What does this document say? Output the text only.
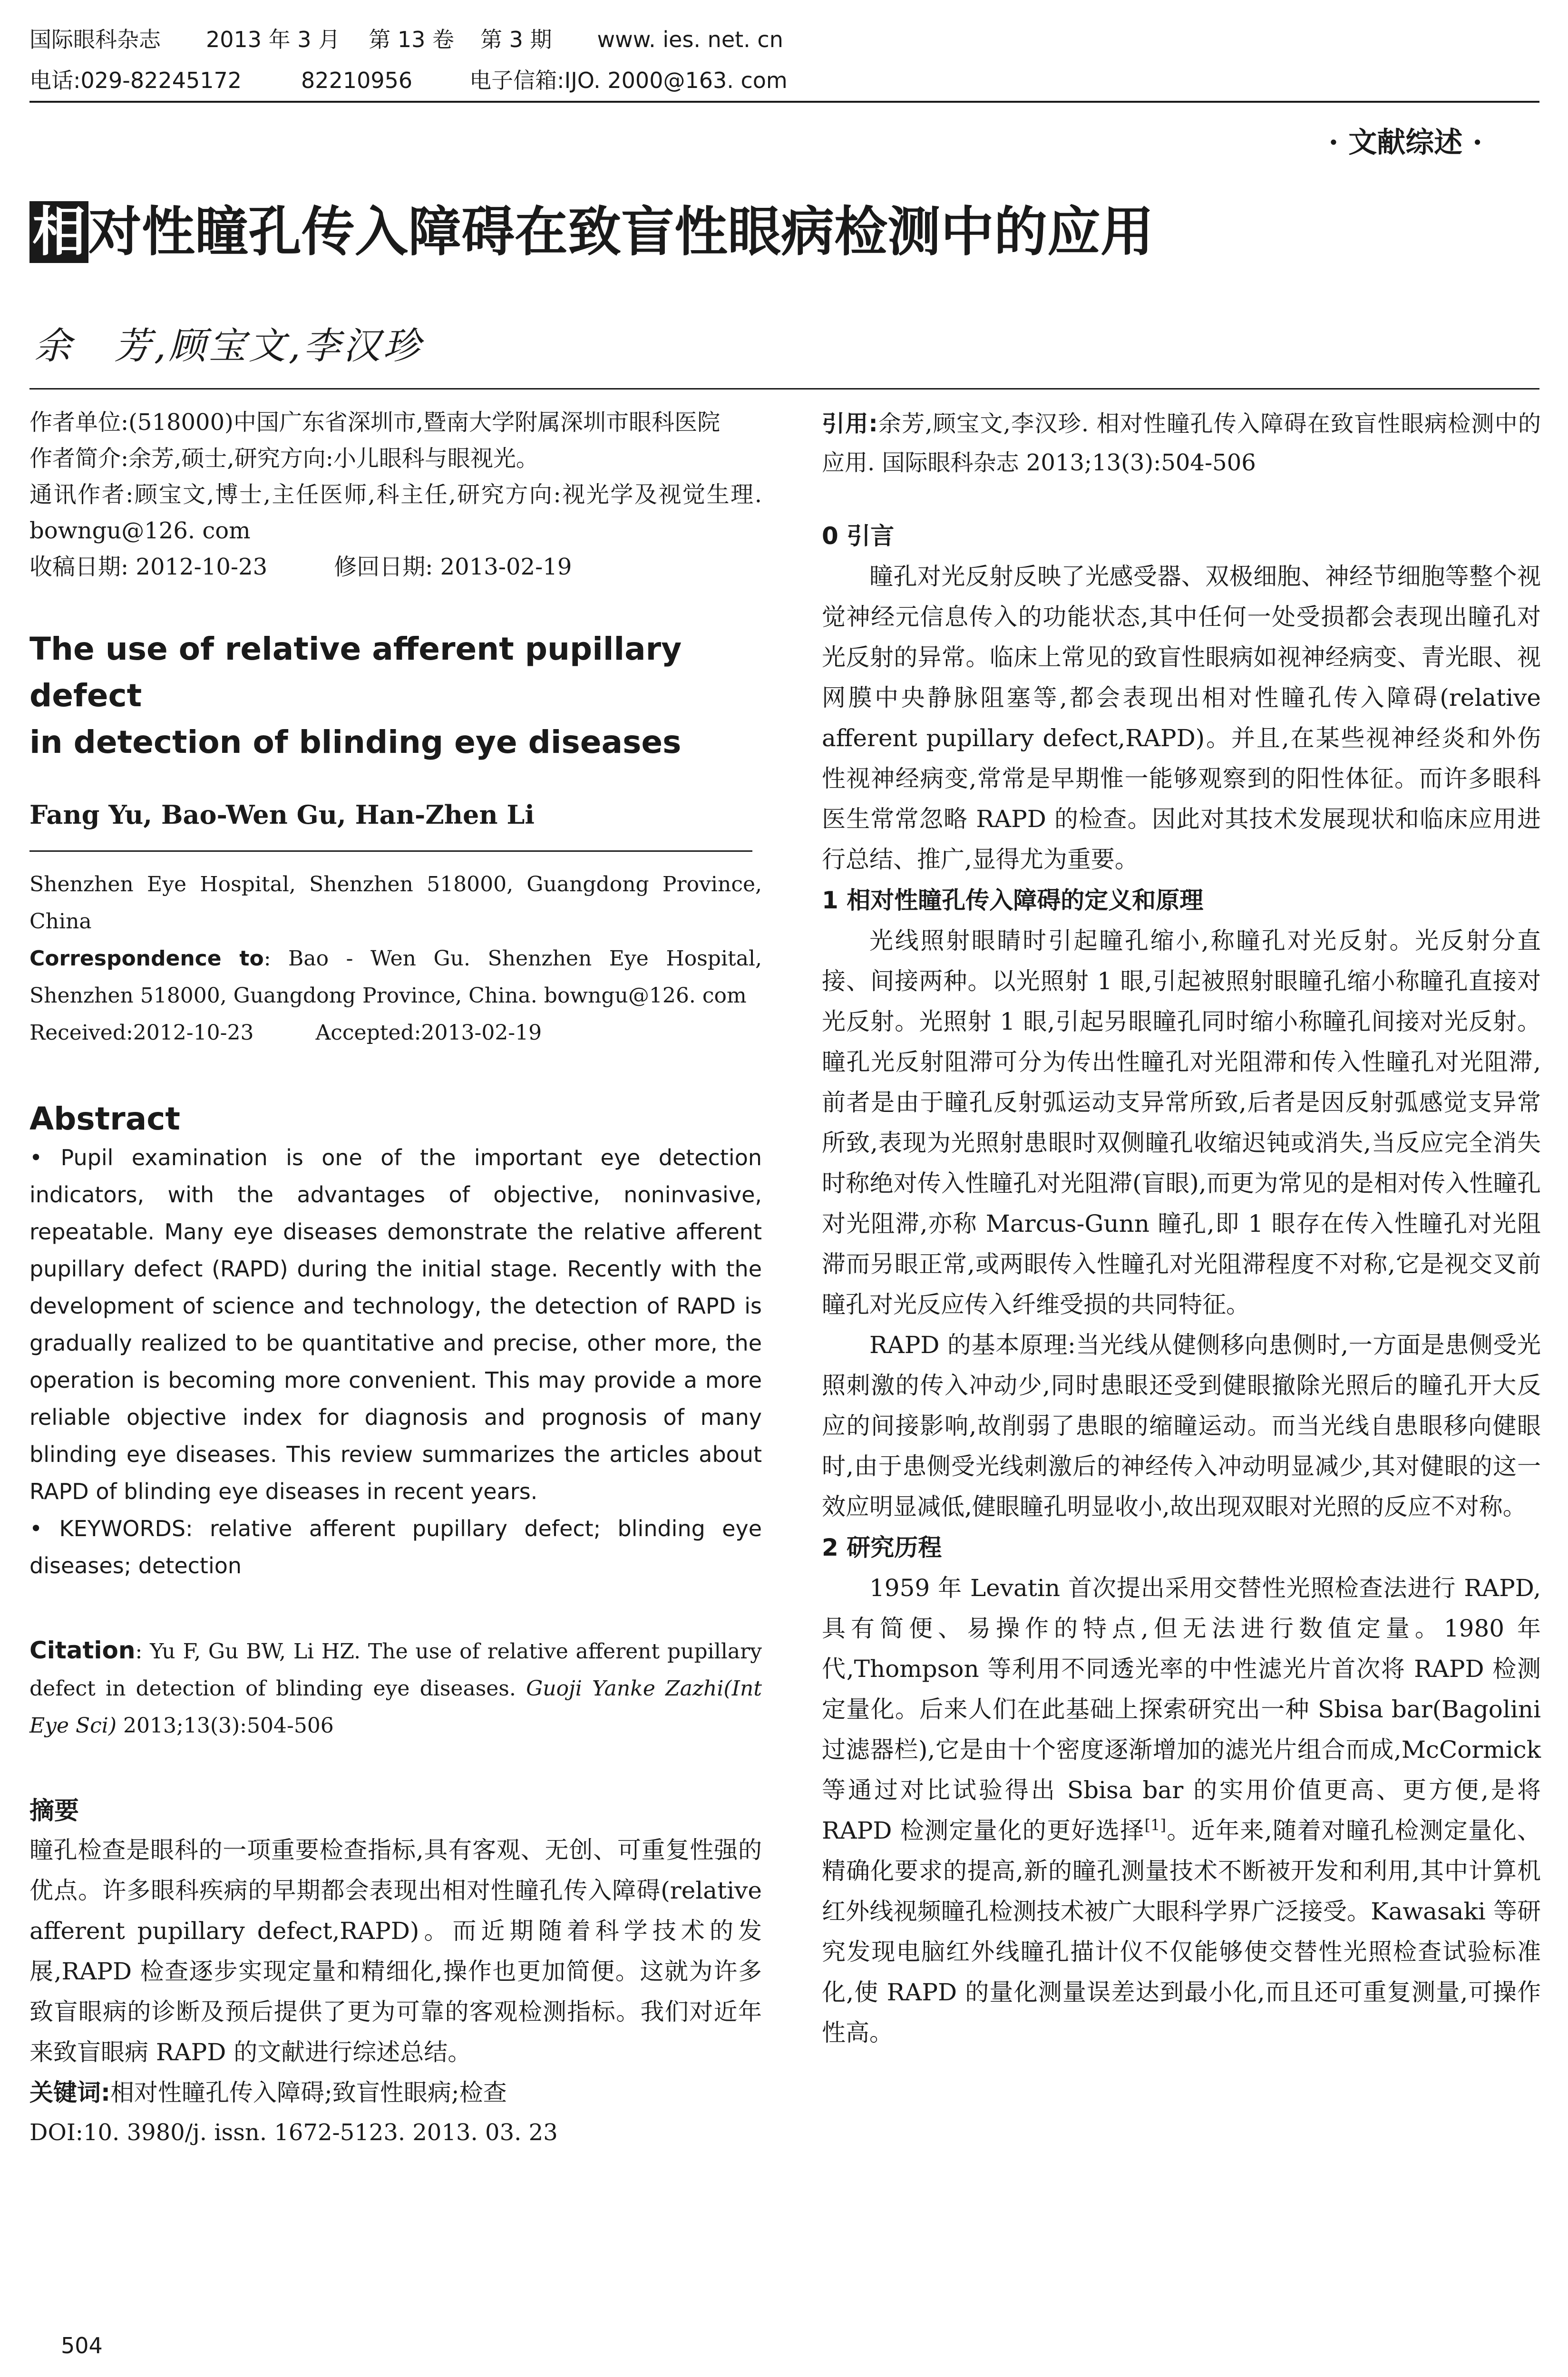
国际眼科杂志 2013 年 3 月 第 13 卷 第 3 期 www. ies. net. cn
电话:029-82245172	82210956	电子信箱:IJO. 2000@163. com
· 文献综述 ·
相对性瞳孔传入障碍在致盲性眼病检测中的应用
余　芳,顾宝文,李汉珍

作者单位:(518000)中国广东省深圳市,暨南大学附属深圳市眼科医院

作者简介:余芳,硕士,研究方向:小儿眼科与眼视光。

通讯作者:顾宝文,博士,主任医师,科主任,研究方向:视光学及视觉生理. bowngu@126. com

收稿日期: 2012-10-23	修回日期: 2013-02-19

The use of relative afferent pupillary defect
in detection of blinding eye diseases
Fang Yu, Bao-Wen Gu, Han-Zhen Li

Shenzhen Eye Hospital, Shenzhen 518000, Guangdong Province, China

Correspondence to: Bao - Wen Gu. Shenzhen Eye Hospital, Shenzhen 518000, Guangdong Province, China. bowngu@126. com

Received:2012-10-23	Accepted:2013-02-19

Abstract

• Pupil examination is one of the important eye detection indicators, with the advantages of objective, noninvasive, repeatable. Many eye diseases demonstrate the relative afferent pupillary defect (RAPD) during the initial stage. Recently with the development of science and technology, the detection of RAPD is gradually realized to be quantitative and precise, other more, the operation is becoming more convenient. This may provide a more reliable objective index for diagnosis and prognosis of many blinding eye diseases. This review summarizes the articles about RAPD of blinding eye diseases in recent years.

• KEYWORDS: relative afferent pupillary defect; blinding eye diseases; detection

Citation: Yu F, Gu BW, Li HZ. The use of relative afferent pupillary defect in detection of blinding eye diseases. Guoji Yanke Zazhi(Int Eye Sci) 2013;13(3):504-506

摘要

瞳孔检查是眼科的一项重要检查指标,具有客观、无创、可重复性强的优点。许多眼科疾病的早期都会表现出相对性瞳孔传入障碍(relative afferent pupillary defect,RAPD)。而近期随着科学技术的发展,RAPD 检查逐步实现定量和精细化,操作也更加简便。这就为许多致盲眼病的诊断及预后提供了更为可靠的客观检测指标。我们对近年来致盲眼病 RAPD 的文献进行综述总结。

关键词:相对性瞳孔传入障碍;致盲性眼病;检查

DOI:10. 3980/j. issn. 1672-5123. 2013. 03. 23

引用:余芳,顾宝文,李汉珍. 相对性瞳孔传入障碍在致盲性眼病检测中的应用. 国际眼科杂志 2013;13(3):504-506

0 引言

瞳孔对光反射反映了光感受器、双极细胞、神经节细胞等整个视觉神经元信息传入的功能状态,其中任何一处受损都会表现出瞳孔对光反射的异常。临床上常见的致盲性眼病如视神经病变、青光眼、视网膜中央静脉阻塞等,都会表现出相对性瞳孔传入障碍(relative afferent pupillary defect,RAPD)。并且,在某些视神经炎和外伤性视神经病变,常常是早期惟一能够观察到的阳性体征。而许多眼科医生常常忽略 RAPD 的检查。因此对其技术发展现状和临床应用进行总结、推广,显得尤为重要。

1 相对性瞳孔传入障碍的定义和原理

光线照射眼睛时引起瞳孔缩小,称瞳孔对光反射。光反射分直接、间接两种。以光照射 1 眼,引起被照射眼瞳孔缩小称瞳孔直接对光反射。光照射 1 眼,引起另眼瞳孔同时缩小称瞳孔间接对光反射。瞳孔光反射阻滞可分为传出性瞳孔对光阻滞和传入性瞳孔对光阻滞,前者是由于瞳孔反射弧运动支异常所致,后者是因反射弧感觉支异常所致,表现为光照射患眼时双侧瞳孔收缩迟钝或消失,当反应完全消失时称绝对传入性瞳孔对光阻滞(盲眼),而更为常见的是相对传入性瞳孔对光阻滞,亦称 Marcus-Gunn 瞳孔,即 1 眼存在传入性瞳孔对光阻滞而另眼正常,或两眼传入性瞳孔对光阻滞程度不对称,它是视交叉前瞳孔对光反应传入纤维受损的共同特征。

RAPD 的基本原理:当光线从健侧移向患侧时,一方面是患侧受光照刺激的传入冲动少,同时患眼还受到健眼撤除光照后的瞳孔开大反应的间接影响,故削弱了患眼的缩瞳运动。而当光线自患眼移向健眼时,由于患侧受光线刺激后的神经传入冲动明显减少,其对健眼的这一效应明显减低,健眼瞳孔明显收小,故出现双眼对光照的反应不对称。

2 研究历程

1959 年 Levatin 首次提出采用交替性光照检查法进行 RAPD,具有简便、易操作的特点,但无法进行数值定量。1980 年代,Thompson 等利用不同透光率的中性滤光片首次将 RAPD 检测定量化。后来人们在此基础上探索研究出一种 Sbisa bar(Bagolini 过滤器栏),它是由十个密度逐渐增加的滤光片组合而成,McCormick 等通过对比试验得出 Sbisa bar 的实用价值更高、更方便,是将 RAPD 检测定量化的更好选择[1]。近年来,随着对瞳孔检测定量化、精确化要求的提高,新的瞳孔测量技术不断被开发和利用,其中计算机红外线视频瞳孔检测技术被广大眼科学界广泛接受。Kawasaki 等研究发现电脑红外线瞳孔描计仪不仅能够使交替性光照检查试验标准化,使 RAPD 的量化测量误差达到最小化,而且还可重复测量,可操作性高。

504
